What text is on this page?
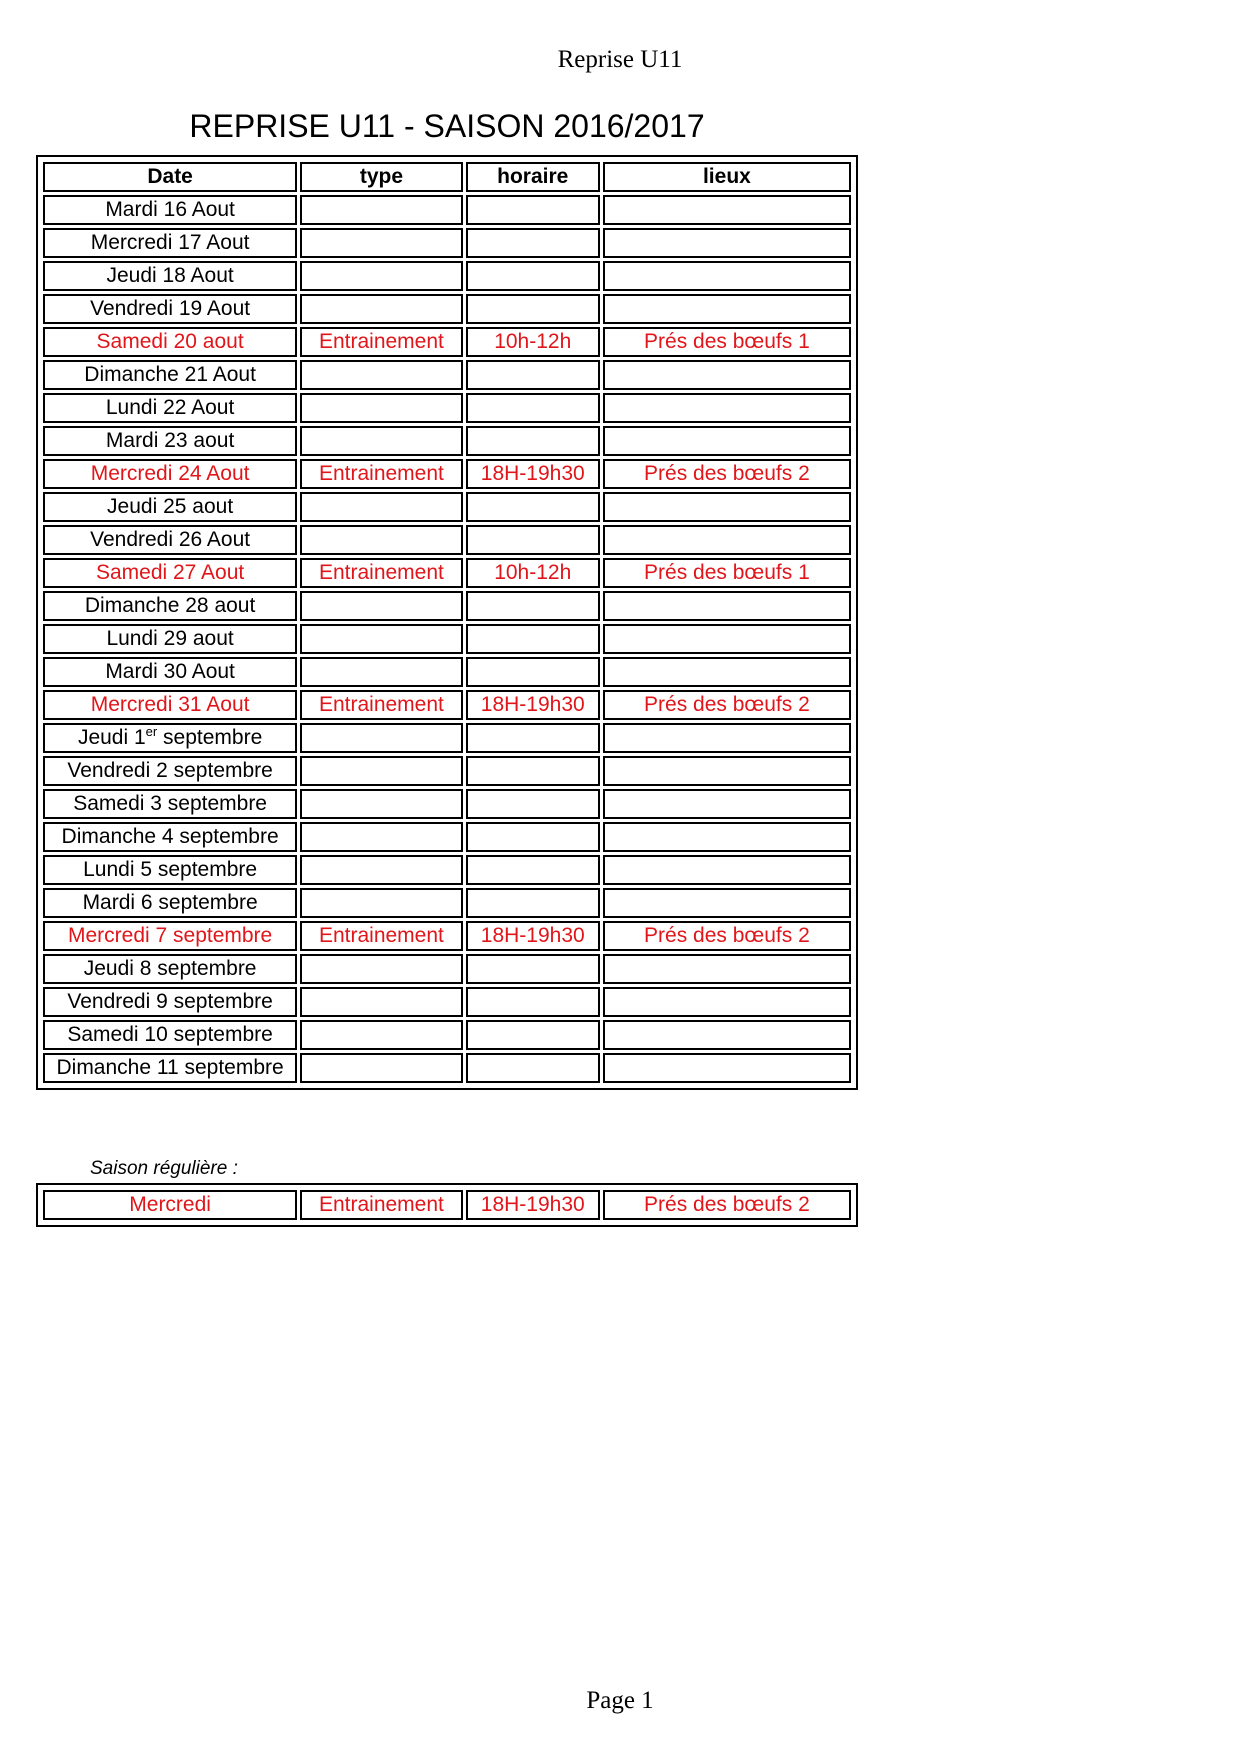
Reprise U11
REPRISE U11 - SAISON 2016/2017
Date	type	horaire	lieux
Mardi 16 Aout			
Mercredi 17 Aout			
Jeudi 18 Aout			
Vendredi 19 Aout			
Samedi 20 aout	Entrainement	10h-12h	Prés des bœufs 1
Dimanche 21 Aout			
Lundi 22 Aout			
Mardi 23 aout			
Mercredi 24 Aout	Entrainement	18H-19h30	Prés des bœufs 2
Jeudi 25 aout			
Vendredi 26 Aout			
Samedi 27 Aout	Entrainement	10h-12h	Prés des bœufs 1
Dimanche 28 aout			
Lundi 29 aout			
Mardi 30 Aout			
Mercredi 31 Aout	Entrainement	18H-19h30	Prés des bœufs 2
Jeudi 1er septembre			
Vendredi 2 septembre			
Samedi 3 septembre			
Dimanche 4 septembre			
Lundi 5 septembre			
Mardi 6 septembre			
Mercredi 7 septembre	Entrainement	18H-19h30	Prés des bœufs 2
Jeudi 8 septembre			
Vendredi 9 septembre			
Samedi 10 septembre			
Dimanche 11 septembre			
Saison régulière :
Mercredi	Entrainement	18H-19h30	Prés des bœufs 2
Page 1
